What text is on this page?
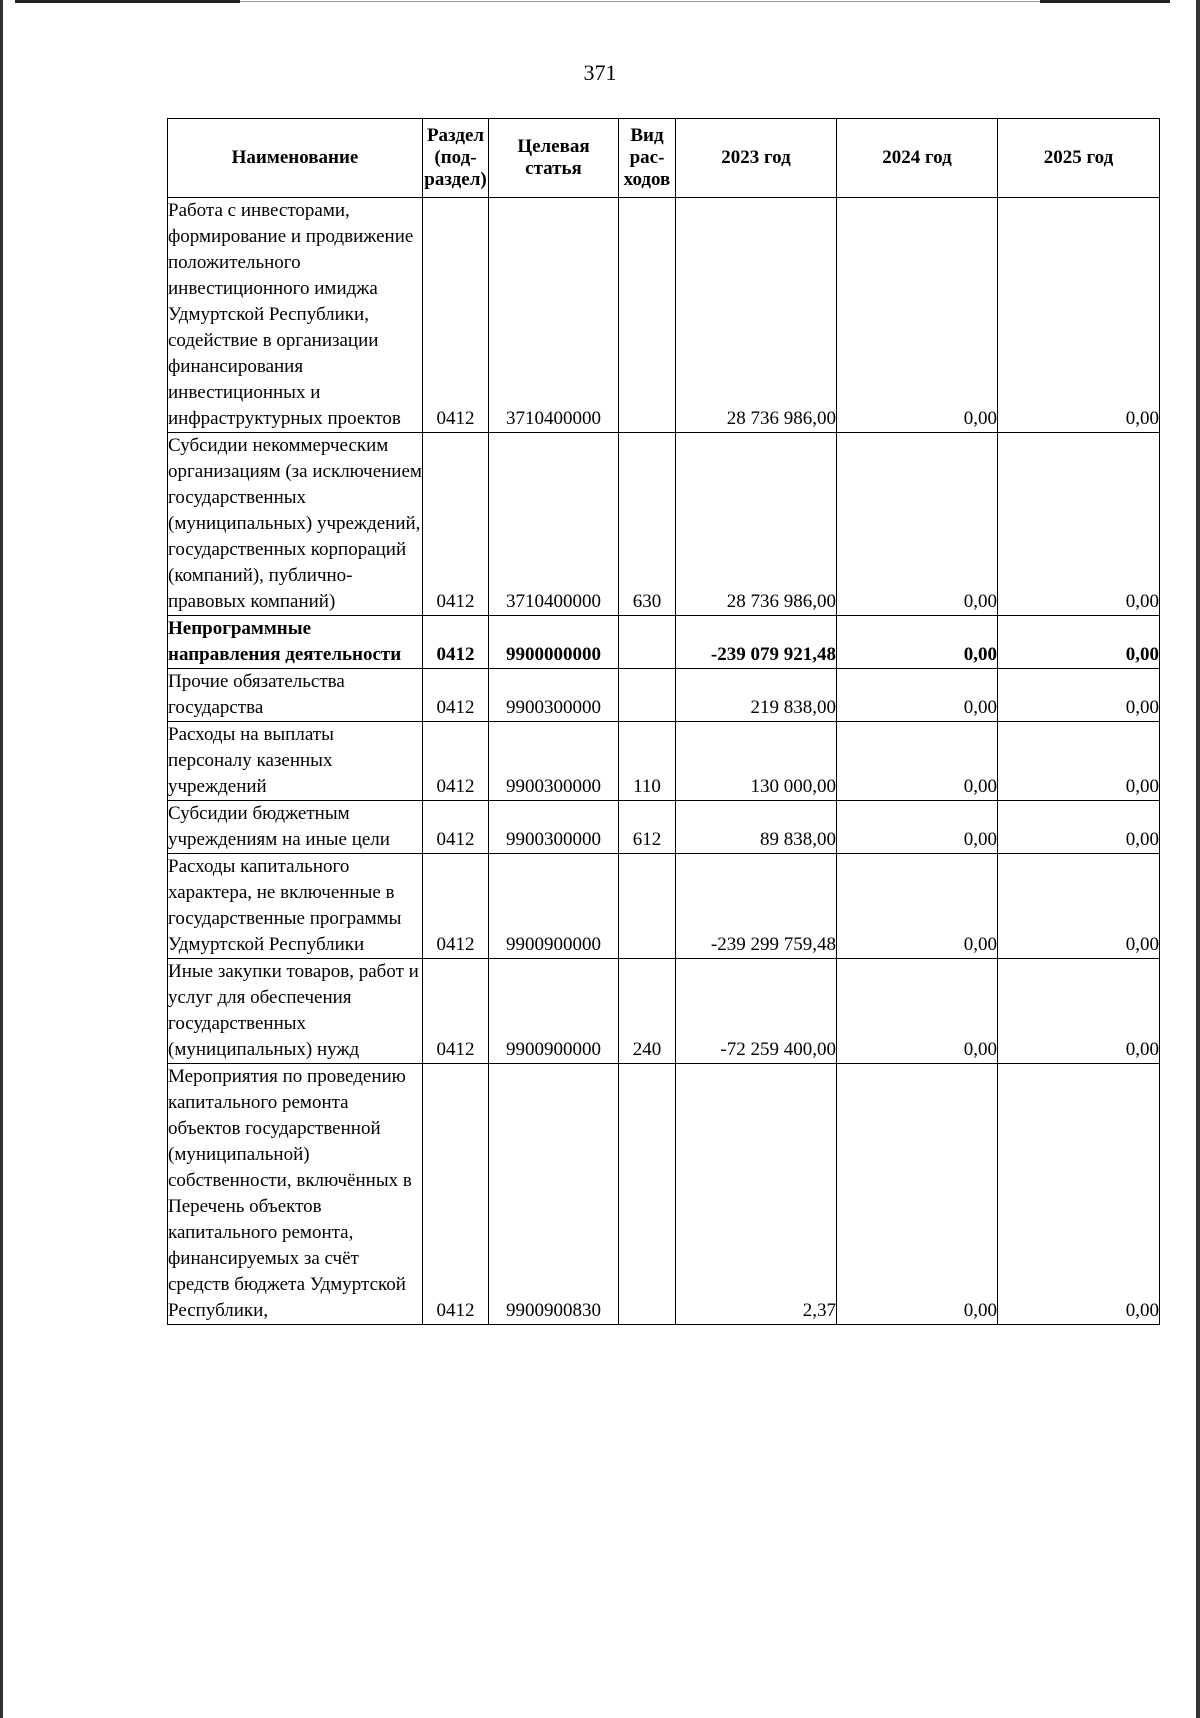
371
Наименование	Раздел (под-раздел)	Целевая статья	Вид рас-ходов	2023 год	2024 год	2025 год
Работа с инвесторами, формирование и продвижение положительного инвестиционного имиджа Удмуртской Республики, содействие в организации финансирования инвестиционных и инфраструктурных проектов	0412	3710400000		28 736 986,00	0,00	0,00
Субсидии некоммерческим организациям (за исключением государственных (муниципальных) учреждений, государственных корпораций (компаний), публично-правовых компаний)	0412	3710400000	630	28 736 986,00	0,00	0,00
Непрограммные направления деятельности	0412	9900000000		-239 079 921,48	0,00	0,00
Прочие обязательства государства	0412	9900300000		219 838,00	0,00	0,00
Расходы на выплаты персоналу казенных учреждений	0412	9900300000	110	130 000,00	0,00	0,00
Субсидии бюджетным учреждениям на иные цели	0412	9900300000	612	89 838,00	0,00	0,00
Расходы капитального характера, не включенные в государственные программы Удмуртской Республики	0412	9900900000		-239 299 759,48	0,00	0,00
Иные закупки товаров, работ и услуг для обеспечения государственных (муниципальных) нужд	0412	9900900000	240	-72 259 400,00	0,00	0,00
Мероприятия по проведению капитального ремонта объектов государственной (муниципальной) собственности, включённых в Перечень объектов капитального ремонта, финансируемых за счёт средств бюджета Удмуртской Республики,	0412	9900900830		2,37	0,00	0,00
